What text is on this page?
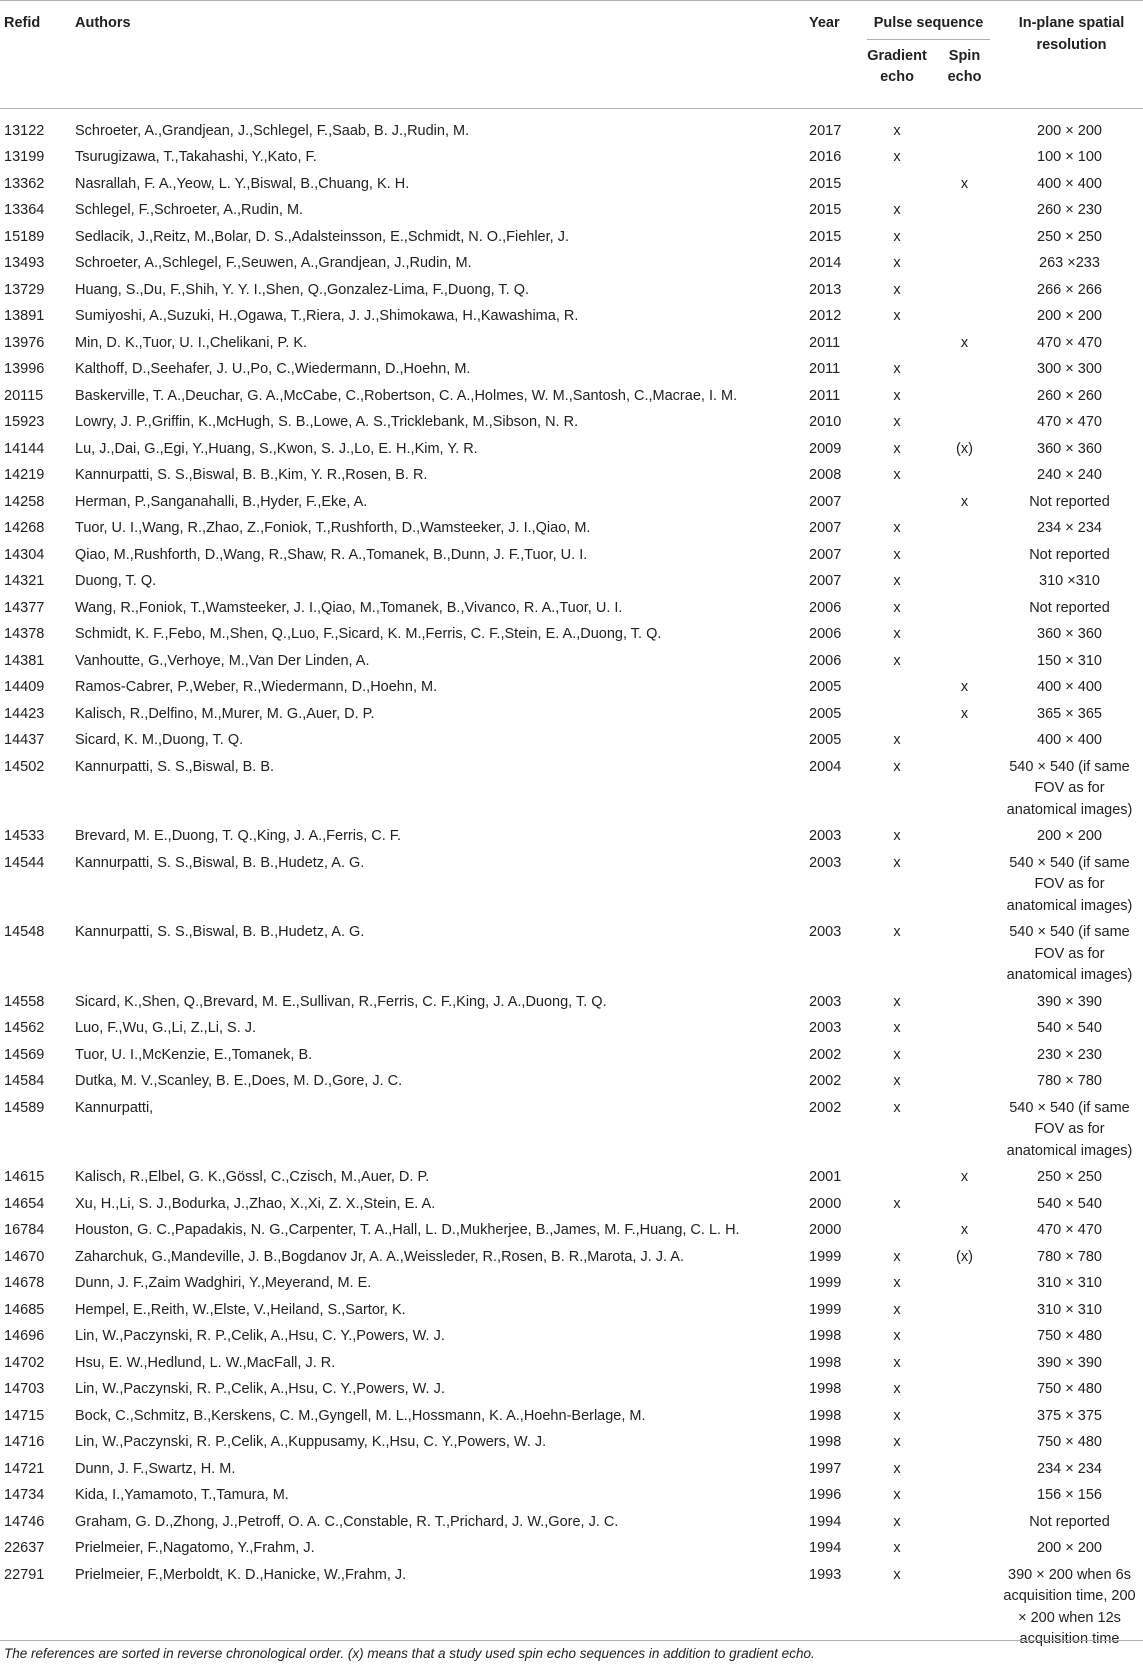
Refid	Authors	Year	Pulse sequence		In-plane spatial resolution
			Gradient echo	Spin echo	

13122	Schroeter, A.,Grandjean, J.,Schlegel, F.,Saab, B. J.,Rudin, M.	2017	x		200 × 200
13199	Tsurugizawa, T.,Takahashi, Y.,Kato, F.	2016	x		100 × 100
13362	Nasrallah, F. A.,Yeow, L. Y.,Biswal, B.,Chuang, K. H.	2015		x	400 × 400
13364	Schlegel, F.,Schroeter, A.,Rudin, M.	2015	x		260 × 230
15189	Sedlacik, J.,Reitz, M.,Bolar, D. S.,Adalsteinsson, E.,Schmidt, N. O.,Fiehler, J.	2015	x		250 × 250
13493	Schroeter, A.,Schlegel, F.,Seuwen, A.,Grandjean, J.,Rudin, M.	2014	x		263 ×233
13729	Huang, S.,Du, F.,Shih, Y. Y. I.,Shen, Q.,Gonzalez-Lima, F.,Duong, T. Q.	2013	x		266 × 266
13891	Sumiyoshi, A.,Suzuki, H.,Ogawa, T.,Riera, J. J.,Shimokawa, H.,Kawashima, R.	2012	x		200 × 200
13976	Min, D. K.,Tuor, U. I.,Chelikani, P. K.	2011		x	470 × 470
13996	Kalthoff, D.,Seehafer, J. U.,Po, C.,Wiedermann, D.,Hoehn, M.	2011	x		300 × 300
20115	Baskerville, T. A.,Deuchar, G. A.,McCabe, C.,Robertson, C. A.,Holmes, W. M.,Santosh, C.,Macrae, I. M.	2011	x		260 × 260
15923	Lowry, J. P.,Griffin, K.,McHugh, S. B.,Lowe, A. S.,Tricklebank, M.,Sibson, N. R.	2010	x		470 × 470
14144	Lu, J.,Dai, G.,Egi, Y.,Huang, S.,Kwon, S. J.,Lo, E. H.,Kim, Y. R.	2009	x	(x)	360 × 360
14219	Kannurpatti, S. S.,Biswal, B. B.,Kim, Y. R.,Rosen, B. R.	2008	x		240 × 240
14258	Herman, P.,Sanganahalli, B.,Hyder, F.,Eke, A.	2007		x	Not reported
14268	Tuor, U. I.,Wang, R.,Zhao, Z.,Foniok, T.,Rushforth, D.,Wamsteeker, J. I.,Qiao, M.	2007	x		234 × 234
14304	Qiao, M.,Rushforth, D.,Wang, R.,Shaw, R. A.,Tomanek, B.,Dunn, J. F.,Tuor, U. I.	2007	x		Not reported
14321	Duong, T. Q.	2007	x		310 ×310
14377	Wang, R.,Foniok, T.,Wamsteeker, J. I.,Qiao, M.,Tomanek, B.,Vivanco, R. A.,Tuor, U. I.	2006	x		Not reported
14378	Schmidt, K. F.,Febo, M.,Shen, Q.,Luo, F.,Sicard, K. M.,Ferris, C. F.,Stein, E. A.,Duong, T. Q.	2006	x		360 × 360
14381	Vanhoutte, G.,Verhoye, M.,Van Der Linden, A.	2006	x		150 × 310
14409	Ramos-Cabrer, P.,Weber, R.,Wiedermann, D.,Hoehn, M.	2005		x	400 × 400
14423	Kalisch, R.,Delfino, M.,Murer, M. G.,Auer, D. P.	2005		x	365 × 365
14437	Sicard, K. M.,Duong, T. Q.	2005	x		400 × 400
14502	Kannurpatti, S. S.,Biswal, B. B.	2004	x		540 × 540 (if same FOV as for anatomical images)
14533	Brevard, M. E.,Duong, T. Q.,King, J. A.,Ferris, C. F.	2003	x		200 × 200
14544	Kannurpatti, S. S.,Biswal, B. B.,Hudetz, A. G.	2003	x		540 × 540 (if same FOV as for anatomical images)
14548	Kannurpatti, S. S.,Biswal, B. B.,Hudetz, A. G.	2003	x		540 × 540 (if same FOV as for anatomical images)
14558	Sicard, K.,Shen, Q.,Brevard, M. E.,Sullivan, R.,Ferris, C. F.,King, J. A.,Duong, T. Q.	2003	x		390 × 390
14562	Luo, F.,Wu, G.,Li, Z.,Li, S. J.	2003	x		540 × 540
14569	Tuor, U. I.,McKenzie, E.,Tomanek, B.	2002	x		230 × 230
14584	Dutka, M. V.,Scanley, B. E.,Does, M. D.,Gore, J. C.	2002	x		780 × 780
14589	Kannurpatti,	2002	x		540 × 540 (if same FOV as for anatomical images)
14615	Kalisch, R.,Elbel, G. K.,Gössl, C.,Czisch, M.,Auer, D. P.	2001		x	250 × 250
14654	Xu, H.,Li, S. J.,Bodurka, J.,Zhao, X.,Xi, Z. X.,Stein, E. A.	2000	x		540 × 540
16784	Houston, G. C.,Papadakis, N. G.,Carpenter, T. A.,Hall, L. D.,Mukherjee, B.,James, M. F.,Huang, C. L. H.	2000		x	470 × 470
14670	Zaharchuk, G.,Mandeville, J. B.,Bogdanov Jr, A. A.,Weissleder, R.,Rosen, B. R.,Marota, J. J. A.	1999	x	(x)	780 × 780
14678	Dunn, J. F.,Zaim Wadghiri, Y.,Meyerand, M. E.	1999	x		310 × 310
14685	Hempel, E.,Reith, W.,Elste, V.,Heiland, S.,Sartor, K.	1999	x		310 × 310
14696	Lin, W.,Paczynski, R. P.,Celik, A.,Hsu, C. Y.,Powers, W. J.	1998	x		750 × 480
14702	Hsu, E. W.,Hedlund, L. W.,MacFall, J. R.	1998	x		390 × 390
14703	Lin, W.,Paczynski, R. P.,Celik, A.,Hsu, C. Y.,Powers, W. J.	1998	x		750 × 480
14715	Bock, C.,Schmitz, B.,Kerskens, C. M.,Gyngell, M. L.,Hossmann, K. A.,Hoehn-Berlage, M.	1998	x		375 × 375
14716	Lin, W.,Paczynski, R. P.,Celik, A.,Kuppusamy, K.,Hsu, C. Y.,Powers, W. J.	1998	x		750 × 480
14721	Dunn, J. F.,Swartz, H. M.	1997	x		234 × 234
14734	Kida, I.,Yamamoto, T.,Tamura, M.	1996	x		156 × 156
14746	Graham, G. D.,Zhong, J.,Petroff, O. A. C.,Constable, R. T.,Prichard, J. W.,Gore, J. C.	1994	x		Not reported
22637	Prielmeier, F.,Nagatomo, Y.,Frahm, J.	1994	x		200 × 200
22791	Prielmeier, F.,Merboldt, K. D.,Hanicke, W.,Frahm, J.	1993	x		390 × 200 when 6s acquisition time, 200 × 200 when 12s acquisition time
The references are sorted in reverse chronological order. (x) means that a study used spin echo sequences in addition to gradient echo.
